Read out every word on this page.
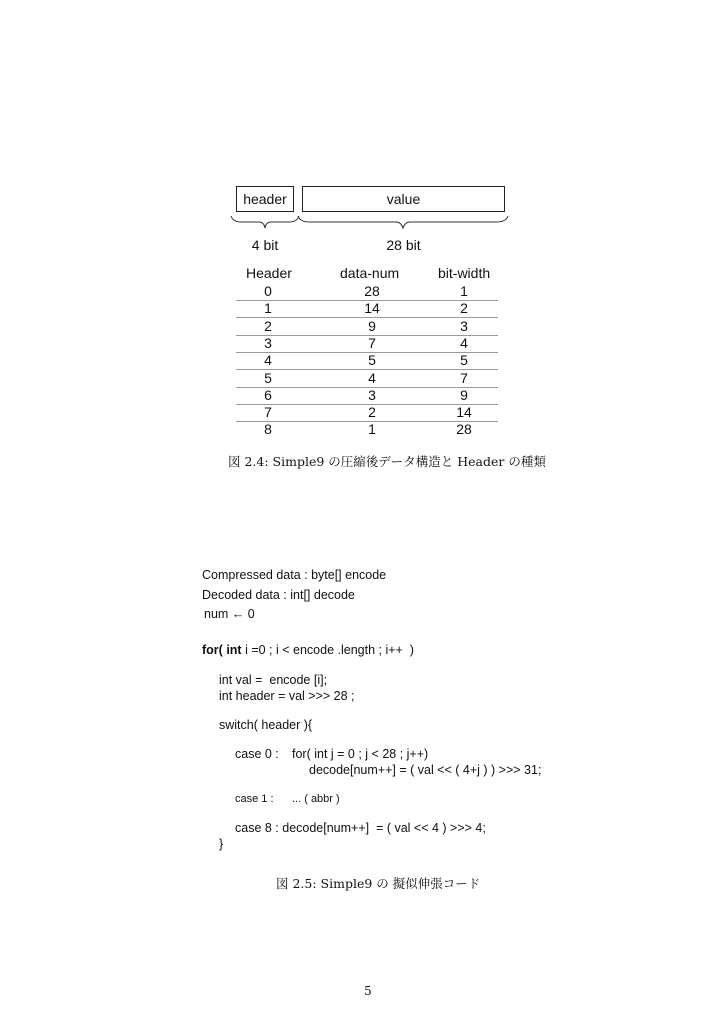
header	value
4 bit	28 bit
Header	data-num	bit-width
0	28	1
1	14	2
2	9	3
3	7	4
4	5	5
5	4	7
6	3	9
7	2	14
8	1	28
図 2.4: Simple9 の圧縮後データ構造と Header の種類
Compressed data : byte[] encode
Decoded data : int[] decode
num ← 0
for( int i =0 ; i < encode .length ; i++  )
int val =  encode [i];
int header = val >>> 28 ;
switch( header ){
case 0 : for( int j = 0 ; j < 28 ; j++)
decode[num++] = ( val << ( 4+j ) ) >>> 31;
case 1 : ... ( abbr )
case 8 : decode[num++]  = ( val << 4 ) >>> 4;
}
図 2.5: Simple9 の 擬似伸張コード
5
